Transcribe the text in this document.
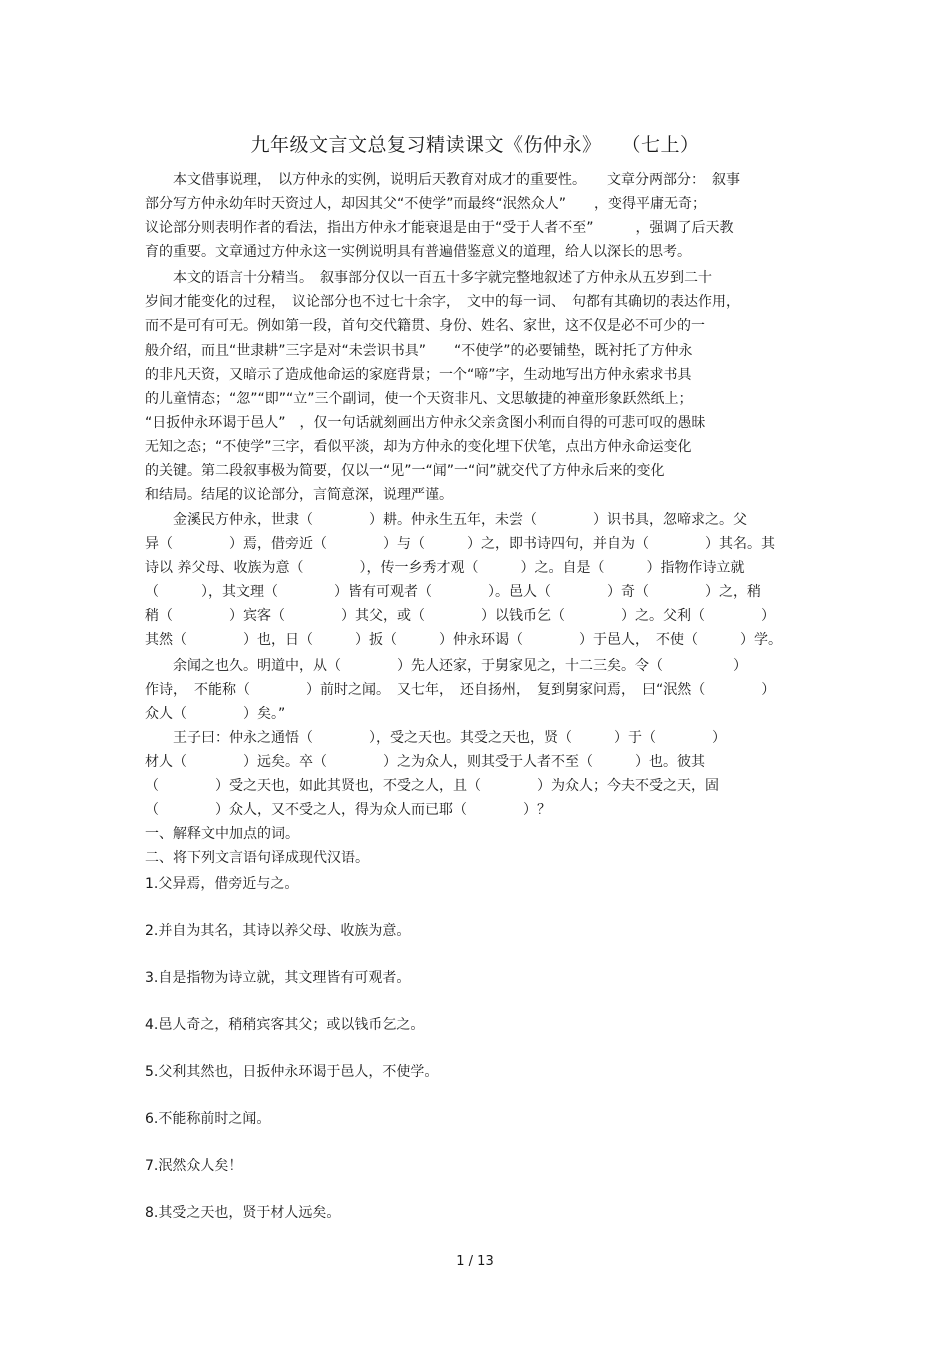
九年级文言文总复习精读课文《伤仲永》　　（七上）
　　本文借事说理，　以方仲永的实例，说明后天教育对成才的重要性。　　文章分两部分：　叙事
部分写方仲永幼年时天资过人，却因其父“不使学”而最终“泯然众人”　　，变得平庸无奇；
议论部分则表明作者的看法，指出方仲永才能衰退是由于“受于人者不至”　　　，强调了后天教
育的重要。文章通过方仲永这一实例说明具有普遍借鉴意义的道理，给人以深长的思考。
　　本文的语言十分精当。　叙事部分仅以一百五十多字就完整地叙述了方仲永从五岁到二十
岁间才能变化的过程，　议论部分也不过七十余字，　文中的每一词、　句都有其确切的表达作用，
而不是可有可无。例如第一段，首句交代籍贯、身份、姓名、家世，这不仅是必不可少的一
般介绍，而且“世隶耕”三字是对“未尝识书具”　　“不使学”的必要铺垫，既衬托了方仲永
的非凡天资，又暗示了造成他命运的家庭背景；一个“啼”字，生动地写出方仲永索求书具
的儿童情态；“忽”“即”“立”三个副词，使一个天资非凡、文思敏捷的神童形象跃然纸上；
“日扳仲永环谒于邑人”　，仅一句话就刻画出方仲永父亲贪图小利而自得的可悲可叹的愚昧
无知之态；“不使学”三字，看似平淡，却为方仲永的变化埋下伏笔，点出方仲永命运变化
的关键。第二段叙事极为简要，仅以一“见”一“闻”一“问”就交代了方仲永后来的变化
和结局。结尾的议论部分，言简意深，说理严谨。
　　金溪民方仲永，世隶（　　　　）耕。仲永生五年，未尝（　　　　）识书具，忽啼求之。父
异（　　　　）焉，借旁近（　　　　）与（　　　）之，即书诗四句，并自为（　　　　）其名。其
诗以 养父母、收族为意（　　　　），传一乡秀才观（　　　）之。自是（　　　）指物作诗立就
（　　　），其文理（　　　　）皆有可观者（　　　　）。邑人（　　　　）奇（　　　　）之，稍
稍（　　　　）宾客（　　　　）其父，或（　　　　）以钱币乞（　　　　）之。父利（　　　　）
其然（　　　　）也，日（　　　）扳（　　　）仲永环谒（　　　　）于邑人，　不使（　　　）学。
　　余闻之也久。明道中，从（　　　　）先人还家，于舅家见之，十二三矣。令（　　　　　）
作诗，　不能称（　　　　）前时之闻。　又七年，　还自扬州，　复到舅家问焉，　曰“泯然（　　　　）
众人（　　　　）矣。”
　　王子曰：仲永之通悟（　　　　），受之天也。其受之天也，贤（　　　）于（　　　　）
材人（　　　　）远矣。卒（　　　　）之为众人，则其受于人者不至（　　　）也。彼其
（　　　　）受之天也，如此其贤也，不受之人，且（　　　　）为众人；今夫不受之天，固
（　　　　）众人，又不受之人，得为众人而已耶（　　　　）？
一、解释文中加点的词。
二、将下列文言语句译成现代汉语。
1.父异焉，借旁近与之。
2.并自为其名，其诗以养父母、收族为意。
3.自是指物为诗立就，其文理皆有可观者。
4.邑人奇之，稍稍宾客其父；或以钱币乞之。
5.父利其然也，日扳仲永环谒于邑人，不使学。
6.不能称前时之闻。
7.泯然众人矣！
8.其受之天也，贤于材人远矣。
1 / 13
